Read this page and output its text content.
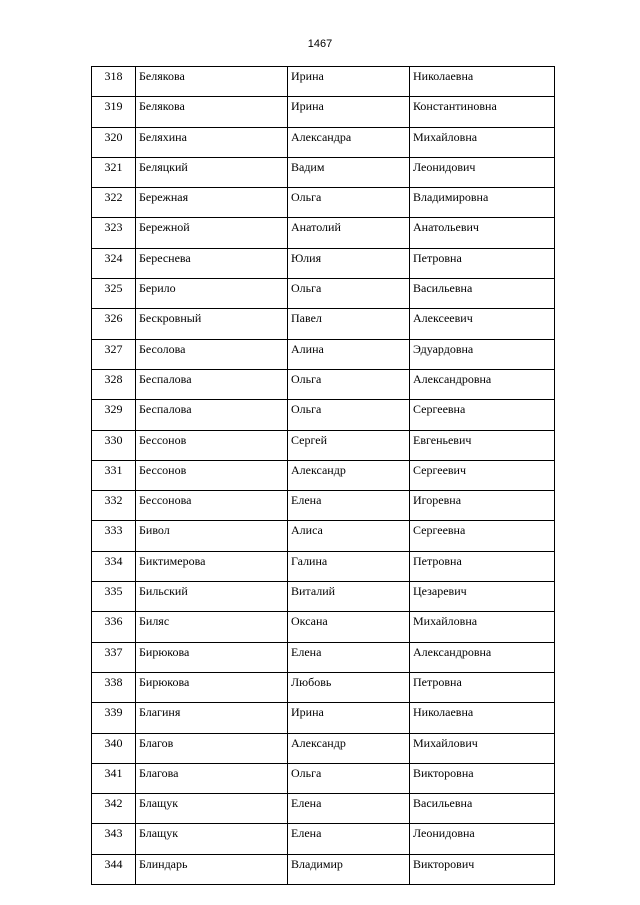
1467
318	Белякова	Ирина	Николаевна
319	Белякова	Ирина	Константиновна
320	Беляхина	Александра	Михайловна
321	Беляцкий	Вадим	Леонидович
322	Бережная	Ольга	Владимировна
323	Бережной	Анатолий	Анатольевич
324	Береснева	Юлия	Петровна
325	Берило	Ольга	Васильевна
326	Бескровный	Павел	Алексеевич
327	Бесолова	Алина	Эдуардовна
328	Беспалова	Ольга	Александровна
329	Беспалова	Ольга	Сергеевна
330	Бессонов	Сергей	Евгеньевич
331	Бессонов	Александр	Сергеевич
332	Бессонова	Елена	Игоревна
333	Бивол	Алиса	Сергеевна
334	Биктимерова	Галина	Петровна
335	Бильский	Виталий	Цезаревич
336	Биляс	Оксана	Михайловна
337	Бирюкова	Елена	Александровна
338	Бирюкова	Любовь	Петровна
339	Благиня	Ирина	Николаевна
340	Благов	Александр	Михайлович
341	Благова	Ольга	Викторовна
342	Блащук	Елена	Васильевна
343	Блащук	Елена	Леонидовна
344	Блиндарь	Владимир	Викторович
